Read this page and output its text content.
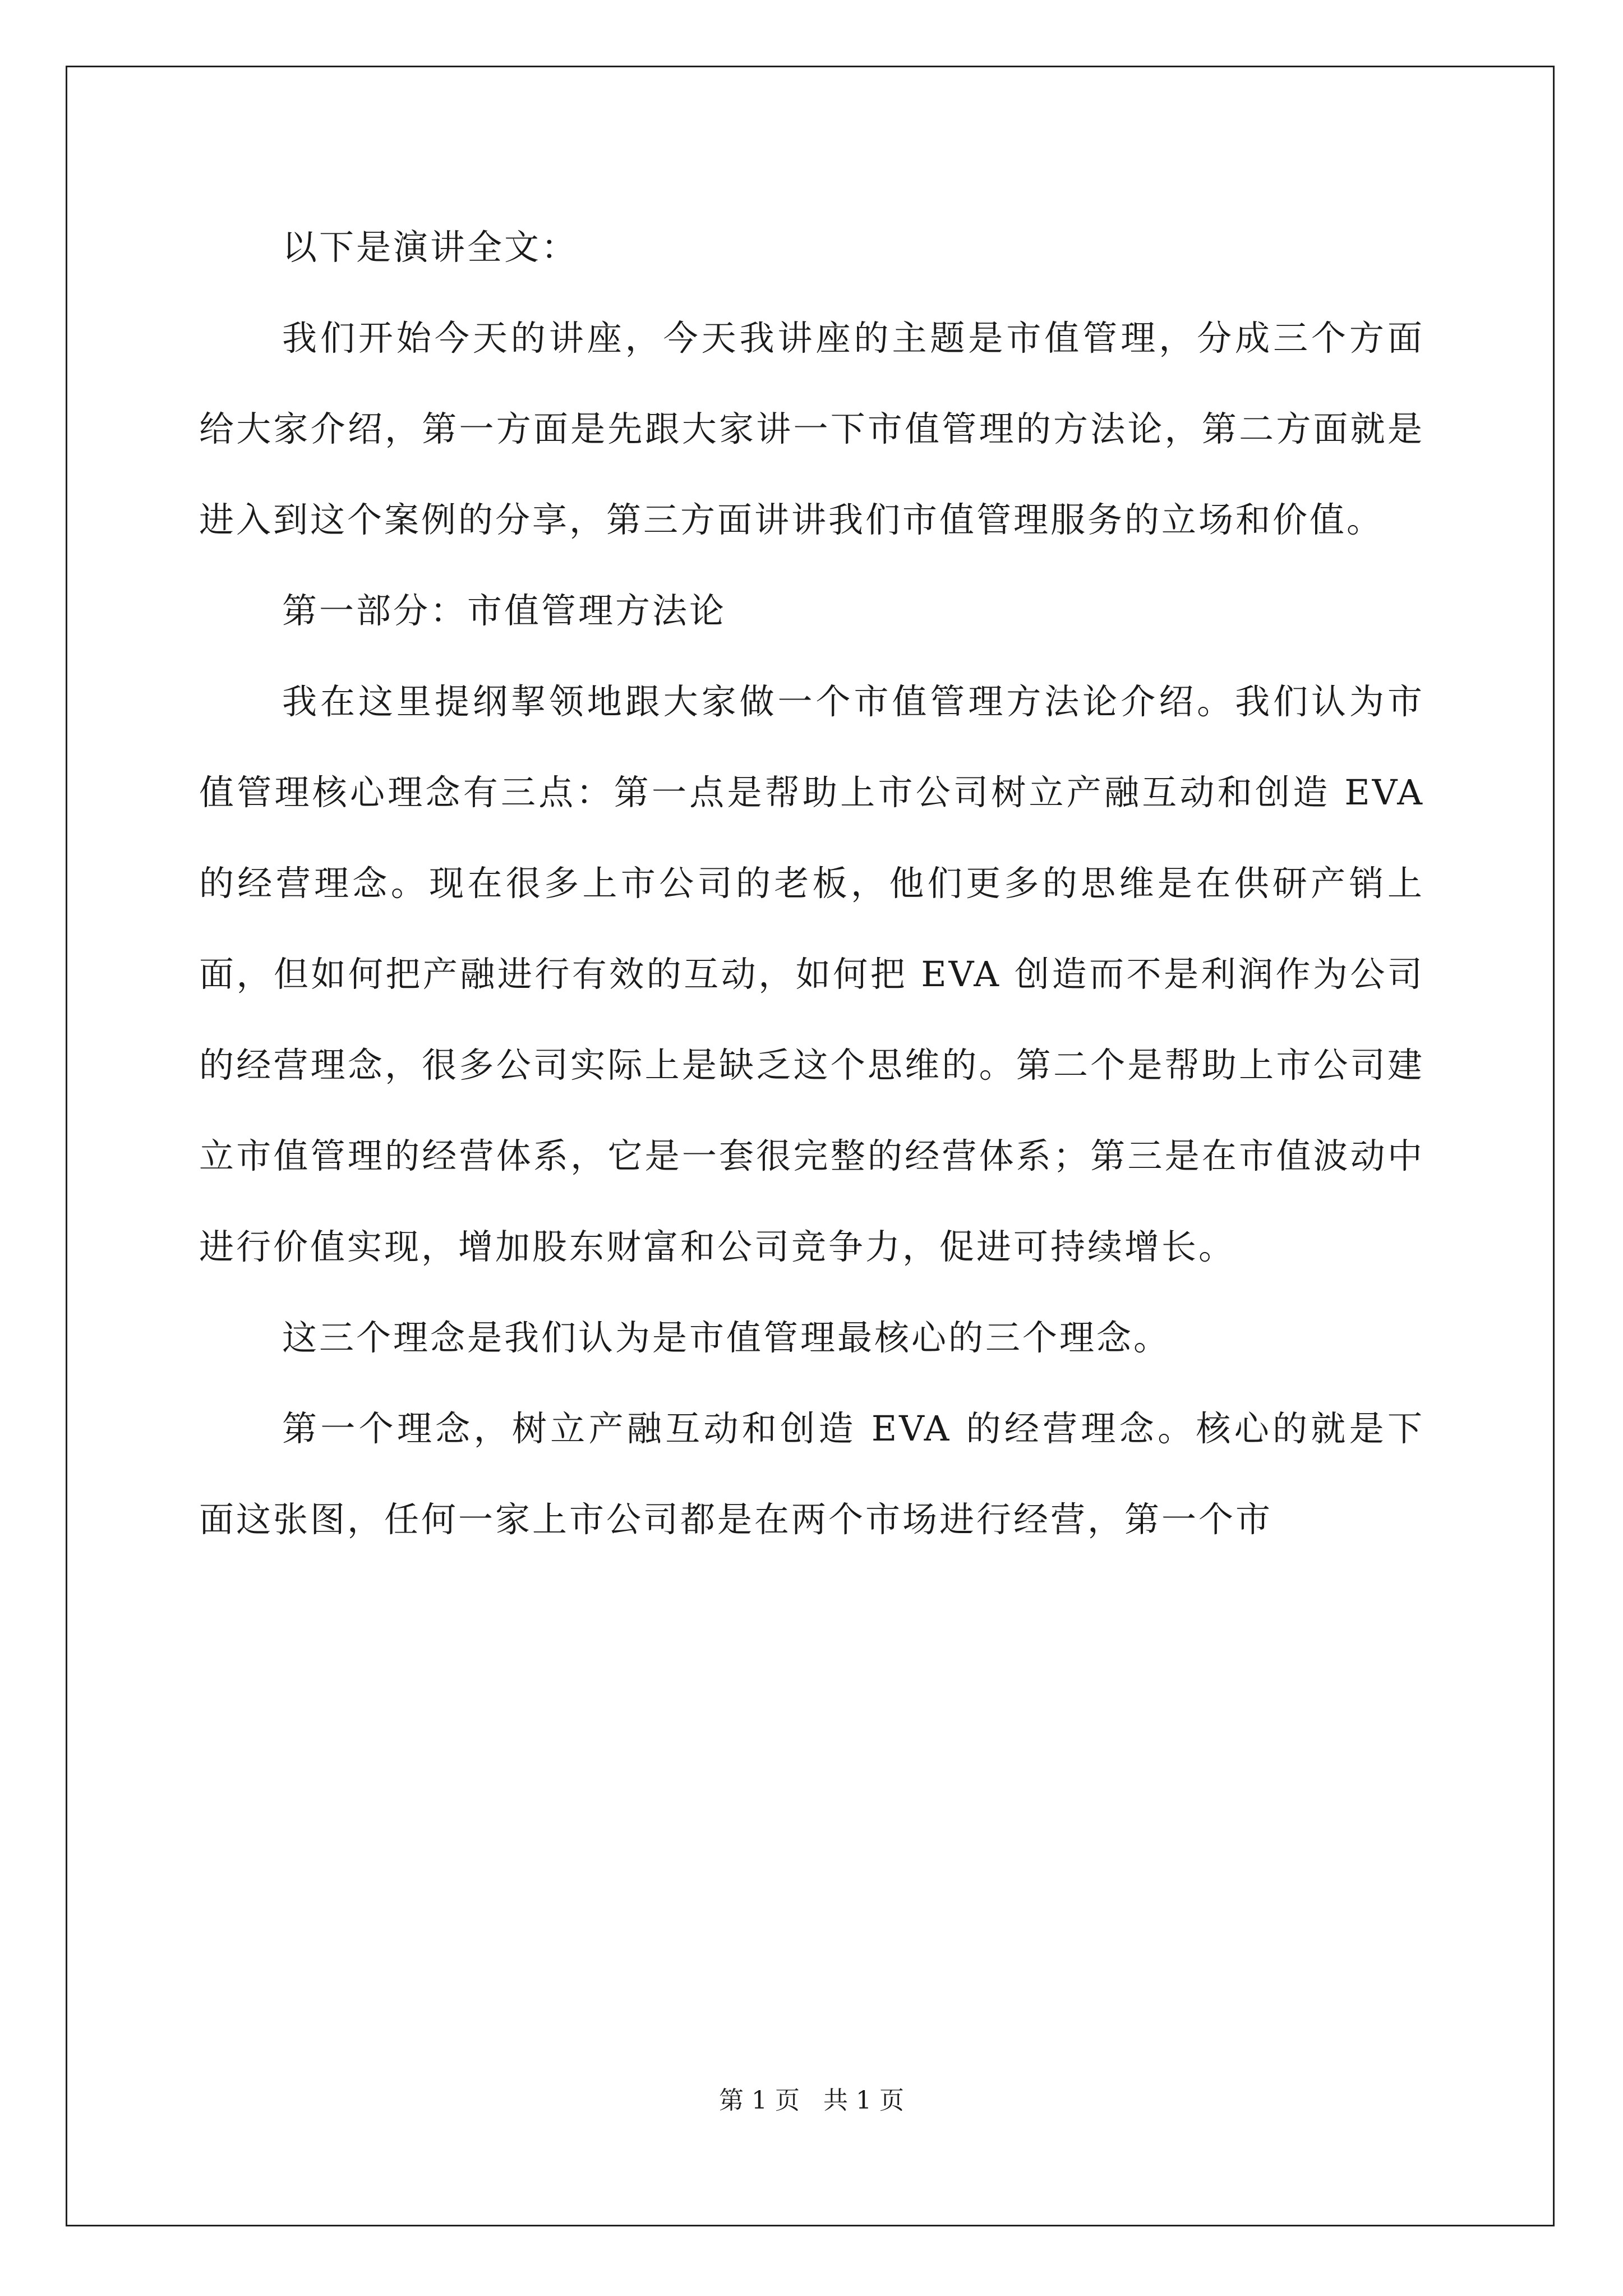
以下是演讲全文：

我们开始今天的讲座，今天我讲座的主题是市值管理，分成三个方面给大家介绍，第一方面是先跟大家讲一下市值管理的方法论，第二方面就是进入到这个案例的分享，第三方面讲讲我们市值管理服务的立场和价值。

第一部分：市值管理方法论

我在这里提纲挈领地跟大家做一个市值管理方法论介绍。我们认为市值管理核心理念有三点：第一点是帮助上市公司树立产融互动和创造 EVA 的经营理念。现在很多上市公司的老板，他们更多的思维是在供研产销上面，但如何把产融进行有效的互动，如何把 EVA 创造而不是利润作为公司的经营理念，很多公司实际上是缺乏这个思维的。第二个是帮助上市公司建立市值管理的经营体系，它是一套很完整的经营体系；第三是在市值波动中进行价值实现，增加股东财富和公司竞争力，促进可持续增长。

这三个理念是我们认为是市值管理最核心的三个理念。

第一个理念，树立产融互动和创造 EVA 的经营理念。核心的就是下面这张图，任何一家上市公司都是在两个市场进行经营，第一个市

第 1 页 共 1 页
